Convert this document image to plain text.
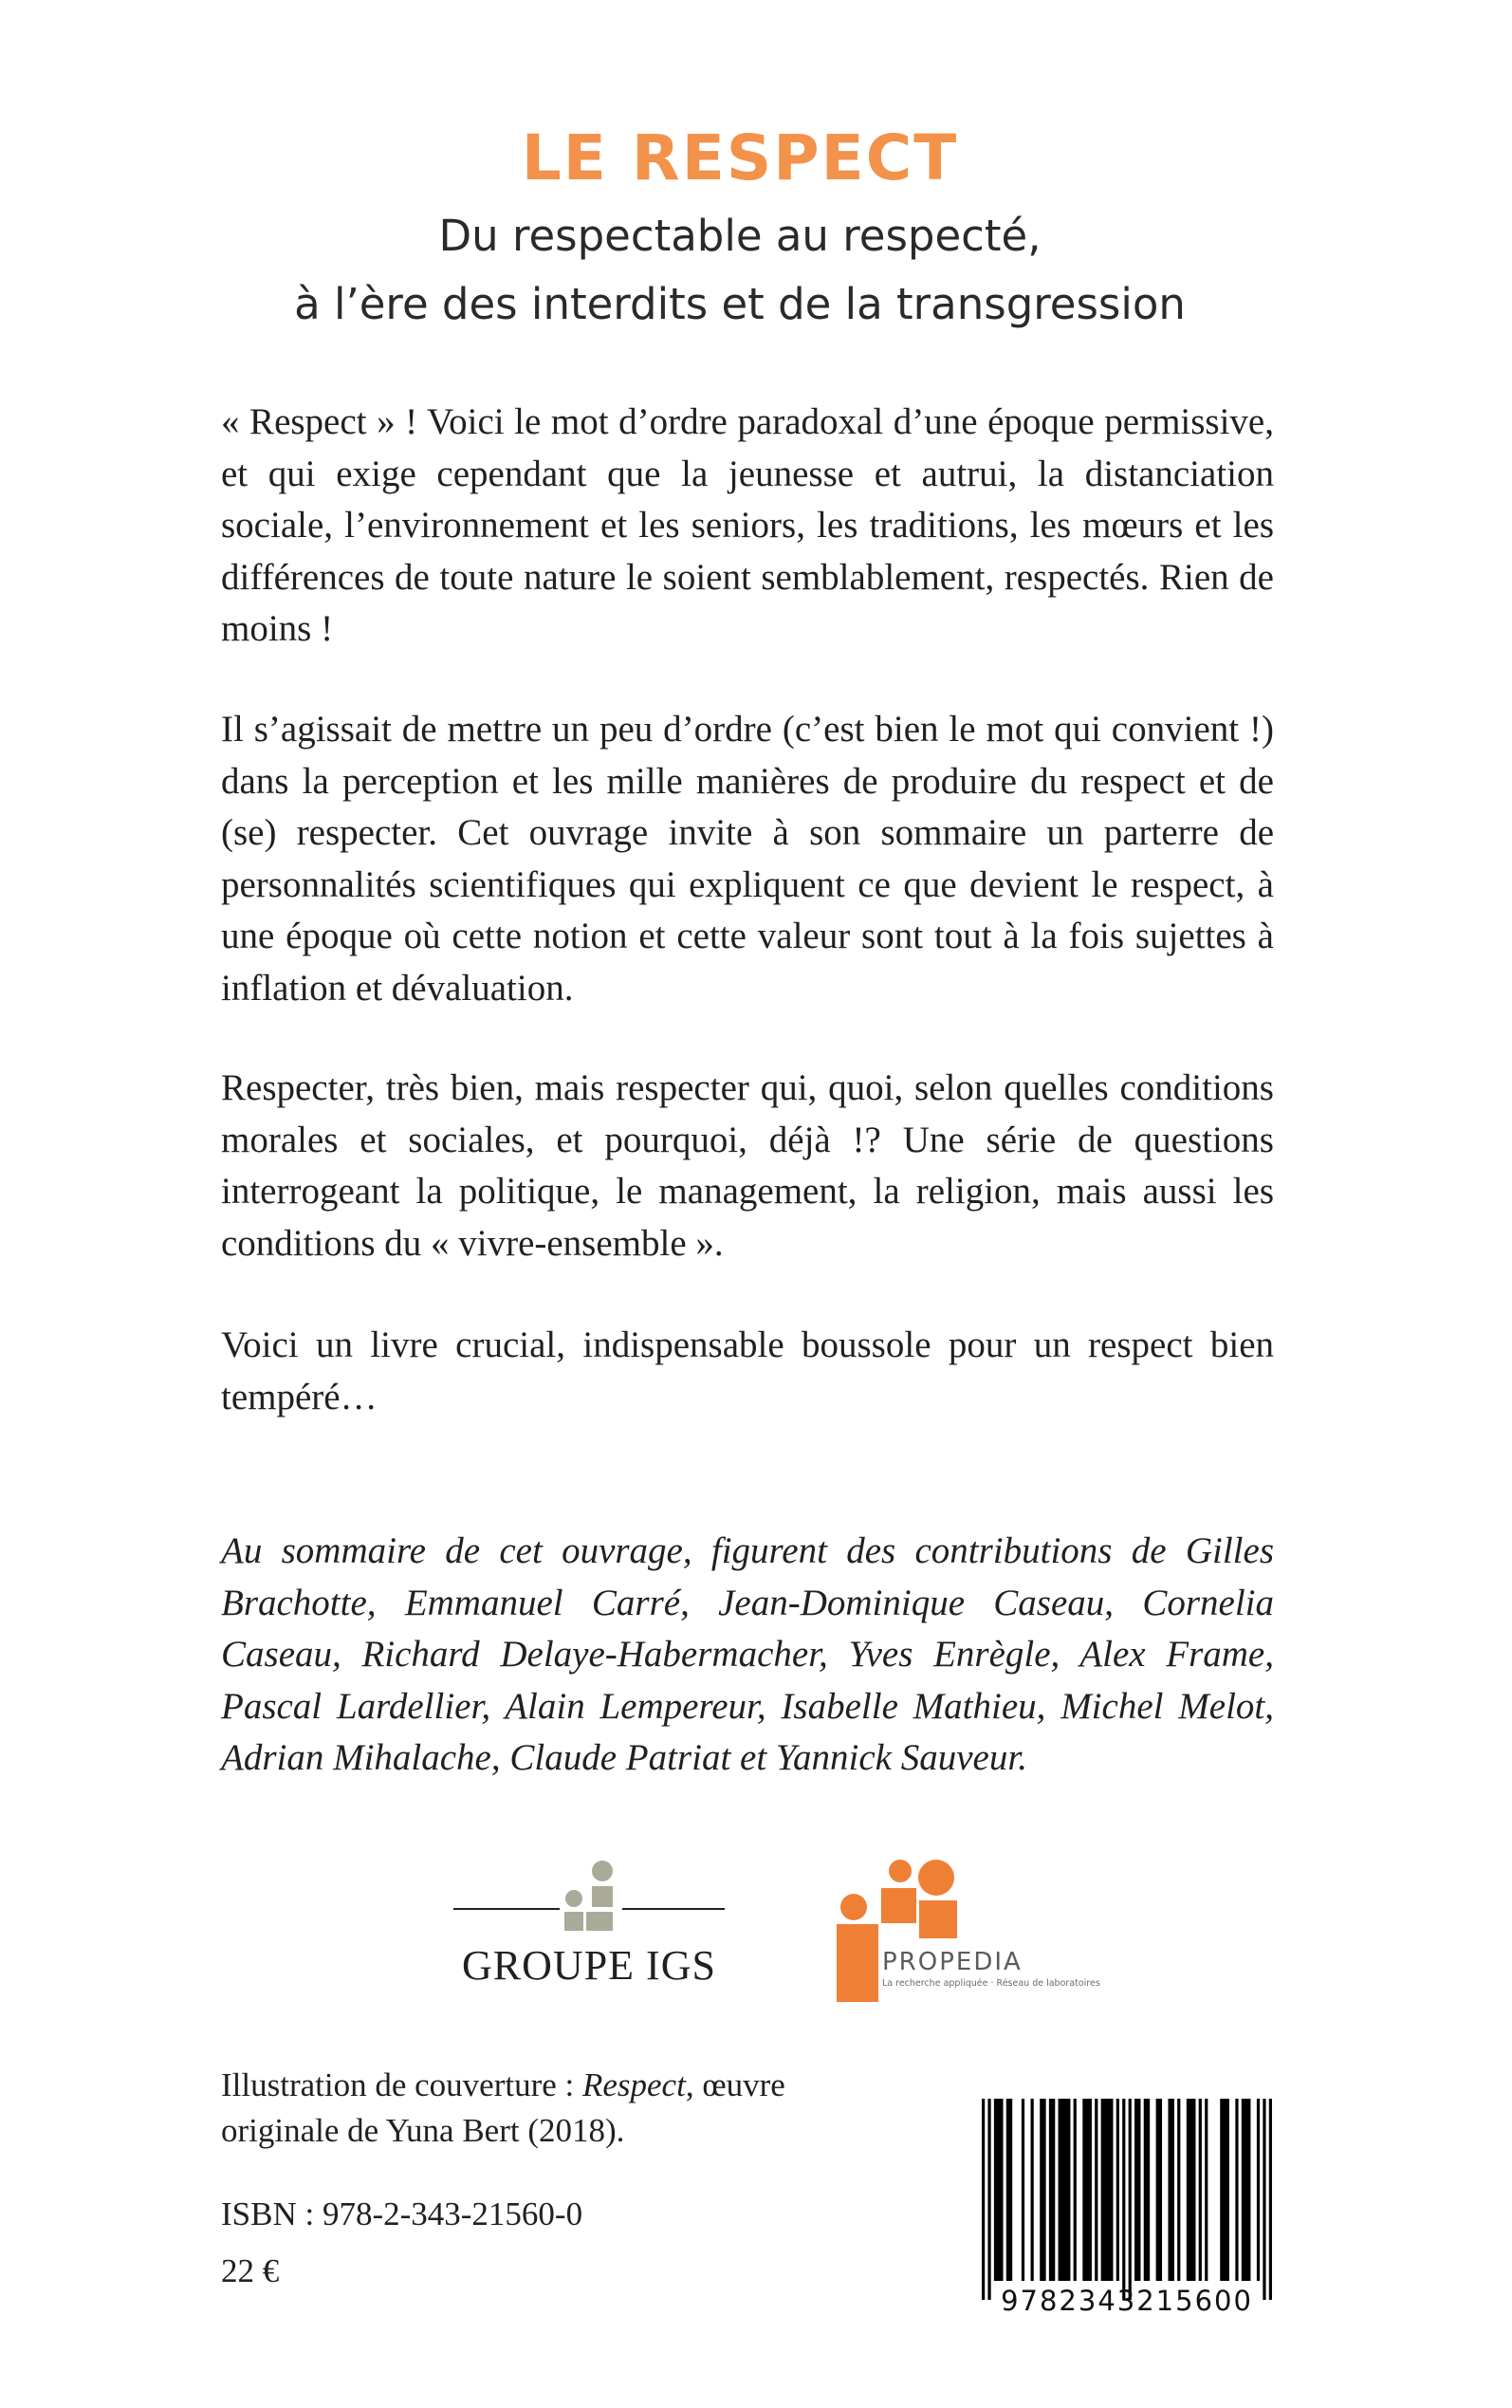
LE RESPECT

Du respectable au respecté,

à l’ère des interdits et de la transgression

« Respect » ! Voici le mot d’ordre paradoxal d’une époque permissive, et qui exige cependant que la jeunesse et autrui, la distanciation sociale, l’environnement et les seniors, les traditions, les mœurs et les différences de toute nature le soient semblablement, respectés. Rien de moins !

Il s’agissait de mettre un peu d’ordre (c’est bien le mot qui convient !) dans la perception et les mille manières de produire du respect et de (se) respecter. Cet ouvrage invite à son sommaire un parterre de personnalités scientifiques qui expliquent ce que devient le respect, à une époque où cette notion et cette valeur sont tout à la fois sujettes à inflation et dévaluation.

Respecter, très bien, mais respecter qui, quoi, selon quelles conditions morales et sociales, et pourquoi, déjà !? Une série de questions interrogeant la politique, le management, la religion, mais aussi les conditions du « vivre-ensemble ».

Voici un livre crucial, indispensable boussole pour un respect bien tempéré…

Au sommaire de cet ouvrage, figurent des contributions de Gilles Brachotte, Emmanuel Carré, Jean-Dominique Caseau, Cornelia Caseau, Richard Delaye-Habermacher, Yves Enrègle, Alex Frame, Pascal Lardellier, Alain Lempereur, Isabelle Mathieu, Michel Melot, Adrian Mihalache, Claude Patriat et Yannick Sauveur.

GROUPE IGS	PROPEDIA

La recherche appliquée · Réseau de laboratoires

Illustration de couverture : Respect, œuvre
originale de Yuna Bert (2018).

ISBN : 978-2-343-21560-0

22 €

9782343215600
